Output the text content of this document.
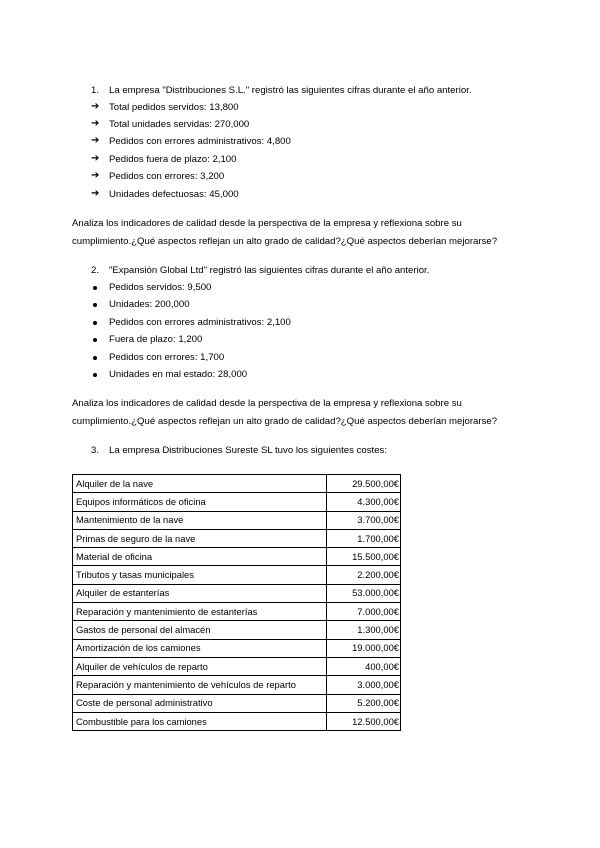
1. La empresa "Distribuciones S.L." registró las siguientes cifras durante el año anterior.
➔ Total pedidos servidos: 13,800
➔ Total unidades servidas: 270,000
➔ Pedidos con errores administrativos: 4,800
➔ Pedidos fuera de plazo: 2,100
➔ Pedidos con errores: 3,200
➔ Unidades defectuosas: 45,000
Analiza los indicadores de calidad desde la perspectiva de la empresa y reflexiona sobre su
cumplimiento.¿Qué aspectos reflejan un alto grado de calidad?¿Qué aspectos deberían mejorarse?
2. "Expansión Global Ltd" registró las siguientes cifras durante el año anterior.
Pedidos servidos: 9,500
Unidades: 200,000
Pedidos con errores administrativos: 2,100
Fuera de plazo: 1,200
Pedidos con errores: 1,700
Unidades en mal estado: 28,000
Analiza los indicadores de calidad desde la perspectiva de la empresa y reflexiona sobre su
cumplimiento.¿Qué aspectos reflejan un alto grado de calidad?¿Qué aspectos deberían mejorarse?
3. La empresa Distribuciones Sureste SL tuvo los siguientes costes:
Alquiler de la nave	29.500,00€
Equipos informáticos de oficina	4.300,00€
Mantenimiento de la nave	3.700,00€
Primas de seguro de la nave	1.700,00€
Material de oficina	15.500,00€
Tributos y tasas municipales	2.200,00€
Alquiler de estanterías	53.000,00€
Reparación y mantenimiento de estanterías	7.000,00€
Gastos de personal del almacén	1.300,00€
Amortización de los camiones	19.000,00€
Alquiler de vehículos de reparto	400,00€
Reparación y mantenimiento de vehículos de reparto	3.000,00€
Coste de personal administrativo	5.200,00€
Combustible para los camiones	12.500,00€
